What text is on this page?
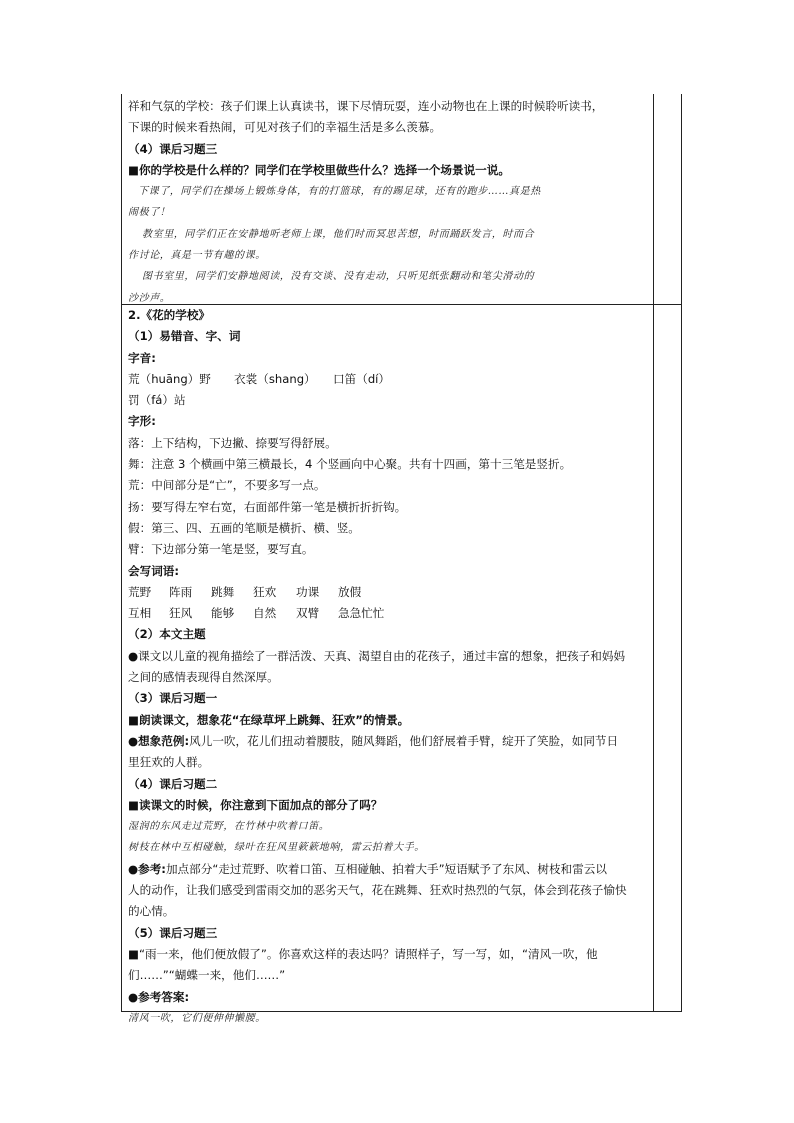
祥和气氛的学校：孩子们课上认真读书，课下尽情玩耍，连小动物也在上课的时候聆听读书，
下课的时候来看热闹，可见对孩子们的幸福生活是多么羡慕。
（4）课后习题三
■你的学校是什么样的？同学们在学校里做些什么？选择一个场景说一说。
下课了，同学们在操场上锻炼身体，有的打篮球，有的踢足球，还有的跑步……真是热
闹极了！
教室里，同学们正在安静地听老师上课，他们时而冥思苦想，时而踊跃发言，时而合
作讨论，真是一节有趣的课。
图书室里，同学们安静地阅读，没有交谈、没有走动，只听见纸张翻动和笔尖滑动的
沙沙声。
2.《花的学校》
（1）易错音、字、词
字音:
荒（huāng）野　　衣裳（shang）　　口笛（dí）
罚（fá）站
字形:
落：上下结构，下边撇、捺要写得舒展。
舞：注意 3 个横画中第三横最长，4 个竖画向中心聚。共有十四画，第十三笔是竖折。
荒：中间部分是“亡”，不要多写一点。
扬：要写得左窄右宽，右面部件第一笔是横折折折钩。
假：第三、四、五画的笔顺是横折、横、竖。
臂：下边部分第一笔是竖，要写直。
会写词语:
荒野	阵雨	跳舞	狂欢	功课	放假
互相	狂风	能够	自然	双臂	急急忙忙
（2）本文主题
●课文以儿童的视角描绘了一群活泼、天真、渴望自由的花孩子，通过丰富的想象，把孩子和妈妈
之间的感情表现得自然深厚。
（3）课后习题一
■朗读课文，想象花“在绿草坪上跳舞、狂欢”的情景。
●想象范例:风儿一吹，花儿们扭动着腰肢，随风舞蹈，他们舒展着手臂，绽开了笑脸，如同节日
里狂欢的人群。
（4）课后习题二
■读课文的时候，你注意到下面加点的部分了吗？
湿润的东风走过荒野，在竹林中吹着口笛。
树枝在林中互相碰触，绿叶在狂风里簌簌地响，雷云拍着大手。
●参考:加点部分“走过荒野、吹着口笛、互相碰触、拍着大手”短语赋予了东风、树枝和雷云以
人的动作，让我们感受到雷雨交加的恶劣天气，花在跳舞、狂欢时热烈的气氛，体会到花孩子愉快
的心情。
（5）课后习题三
■“雨一来，他们便放假了”。你喜欢这样的表达吗？请照样子，写一写，如，“清风一吹，他
们……”“蝴蝶一来，他们……”
●参考答案:
清风一吹，它们便伸伸懒腰。
